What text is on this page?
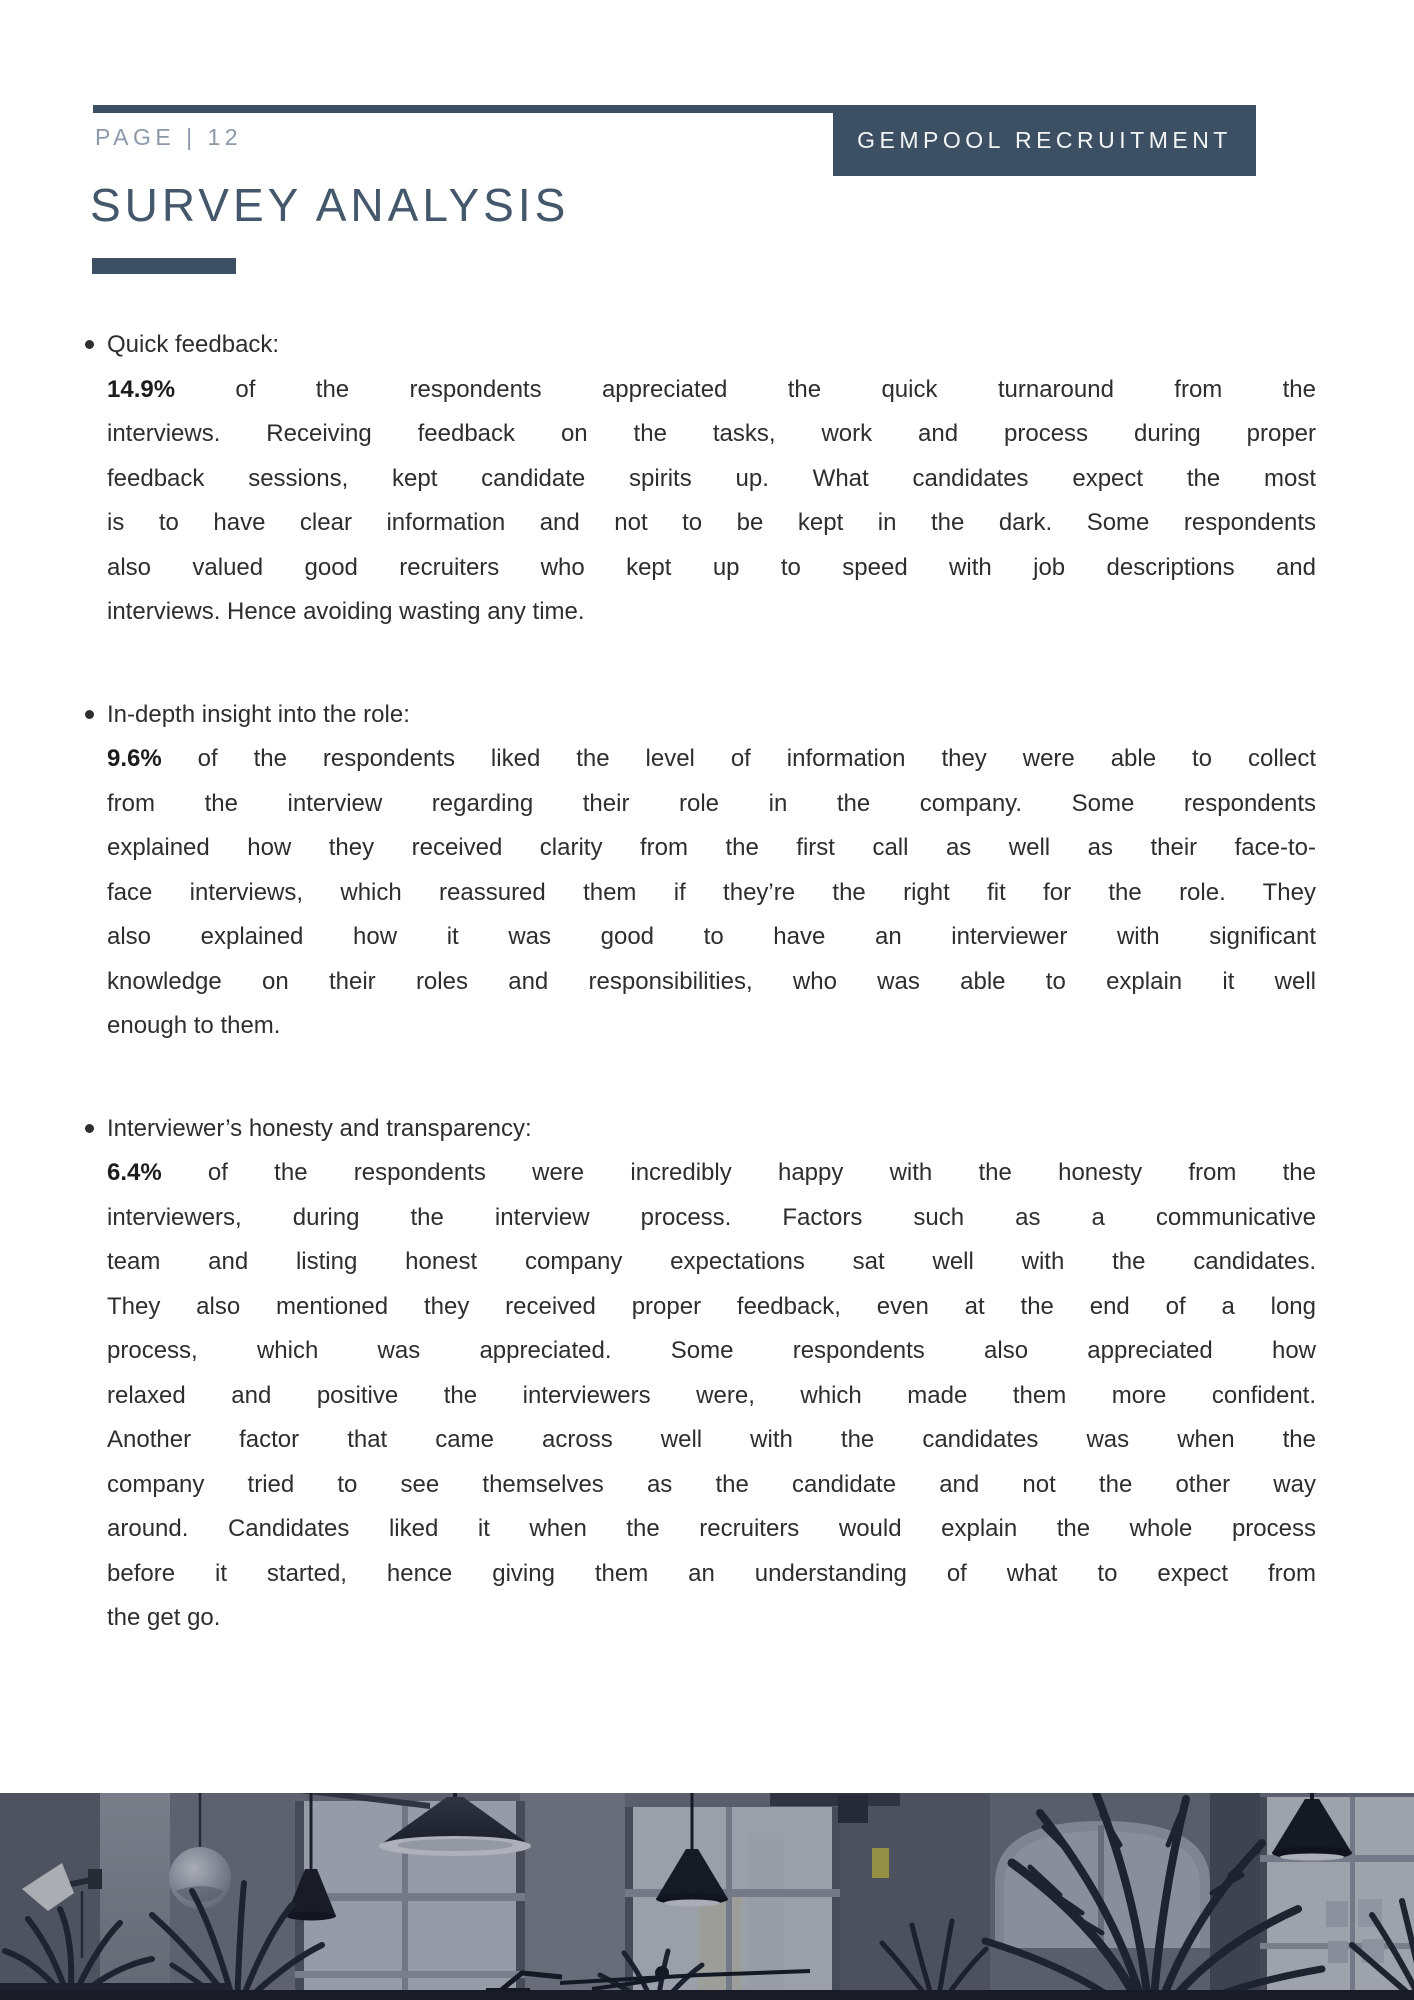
GEMPOOL RECRUITMENT
PAGE | 12
SURVEY ANALYSIS
Quick feedback:
14.9% of the respondents appreciated the quick turnaround from the
interviews. Receiving feedback on the tasks, work and process during proper
feedback sessions, kept candidate spirits up. What candidates expect the most
is to have clear information and not to be kept in the dark. Some respondents
also valued good recruiters who kept up to speed with job descriptions and
interviews. Hence avoiding wasting any time.
In-depth insight into the role:
9.6% of the respondents liked the level of information they were able to collect
from the interview regarding their role in the company. Some respondents
explained how they received clarity from the first call as well as their face-to-
face interviews, which reassured them if they’re the right fit for the role. They
also explained how it was good to have an interviewer with significant
knowledge on their roles and responsibilities, who was able to explain it well
enough to them.
Interviewer’s honesty and transparency:
6.4% of the respondents were incredibly happy with the honesty from the
interviewers, during the interview process. Factors such as a communicative
team and listing honest company expectations sat well with the candidates.
They also mentioned they received proper feedback, even at the end of a long
process, which was appreciated. Some respondents also appreciated how
relaxed and positive the interviewers were, which made them more confident.
Another factor that came across well with the candidates was when the
company tried to see themselves as the candidate and not the other way
around. Candidates liked it when the recruiters would explain the whole process
before it started, hence giving them an understanding of what to expect from
the get go.
